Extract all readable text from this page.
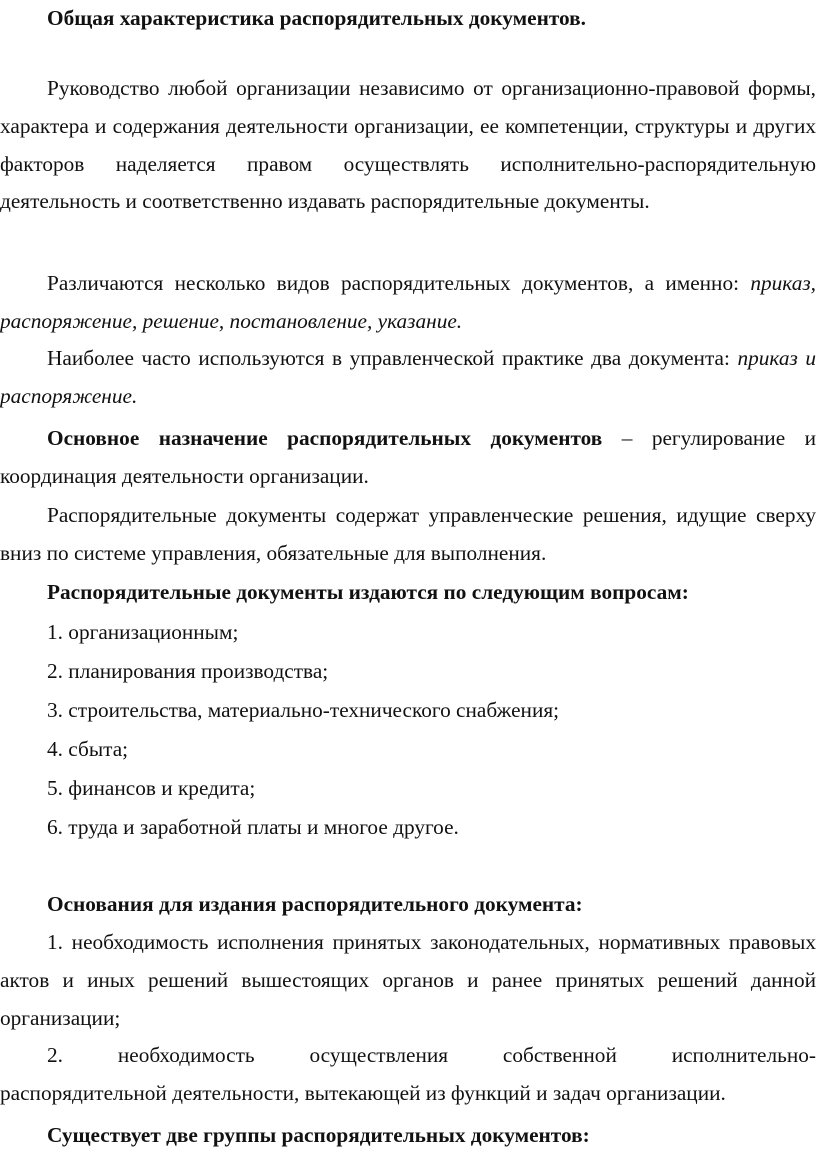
Общая характеристика распорядительных документов.
Руководство любой организации независимо от организационно-правовой формы, характера и содержания деятельности организации, ее компетенции, структуры и других факторов наделяется правом осуществлять исполнительно-распорядительную деятельность и соответственно издавать распорядительные документы.
Различаются несколько видов распорядительных документов, а именно: приказ, распоряжение, решение, постановление, указание.
Наиболее часто используются в управленческой практике два документа: приказ и распоряжение.
Основное назначение распорядительных документов – регулирование и координация деятельности организации.
Распорядительные документы содержат управленческие решения, идущие сверху вниз по системе управления, обязательные для выполнения.
Распорядительные документы издаются по следующим вопросам:
1. организационным;
2. планирования производства;
3. строительства, материально-технического снабжения;
4. сбыта;
5. финансов и кредита;
6. труда и заработной платы и многое другое.
Основания для издания распорядительного документа:
1. необходимость исполнения принятых законодательных, нормативных правовых актов и иных решений вышестоящих органов и ранее принятых решений данной организации;
2.	необходимость	осуществления	собственной	исполнительно-
распорядительной деятельности, вытекающей из функций и задач организации.
Существует две группы распорядительных документов:
